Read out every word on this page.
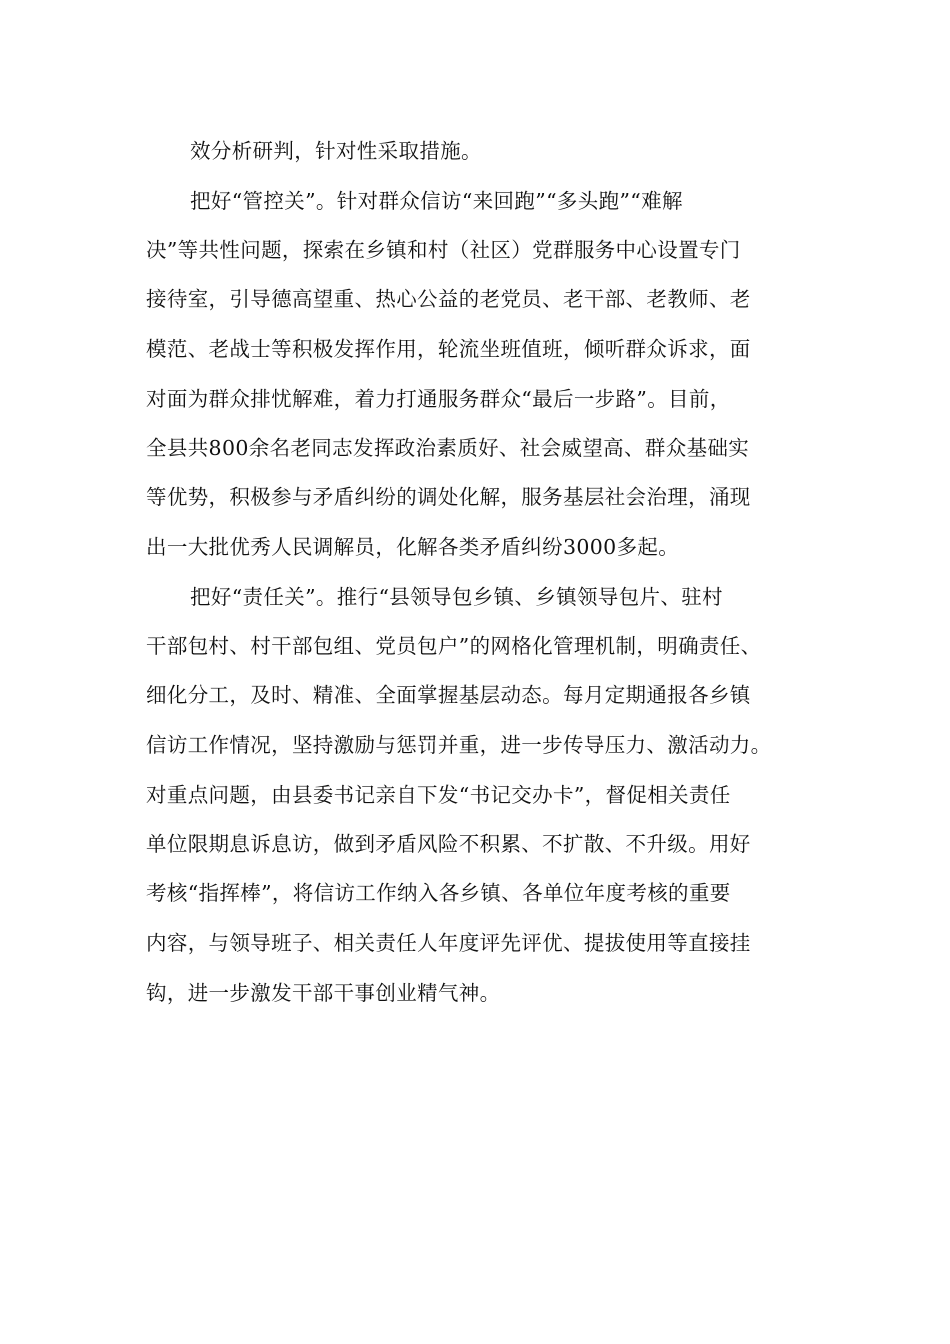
效分析研判，针对性采取措施。
把好“管控关”。针对群众信访“来回跑”“多头跑”“难解
决”等共性问题，探索在乡镇和村（社区）党群服务中心设置专门
接待室，引导德高望重、热心公益的老党员、老干部、老教师、老
模范、老战士等积极发挥作用，轮流坐班值班，倾听群众诉求，面
对面为群众排忧解难，着力打通服务群众“最后一步路”。目前，
全县共800余名老同志发挥政治素质好、社会威望高、群众基础实
等优势，积极参与矛盾纠纷的调处化解，服务基层社会治理，涌现
出一大批优秀人民调解员，化解各类矛盾纠纷3000多起。
把好“责任关”。推行“县领导包乡镇、乡镇领导包片、驻村
干部包村、村干部包组、党员包户”的网格化管理机制，明确责任、
细化分工，及时、精准、全面掌握基层动态。每月定期通报各乡镇
信访工作情况，坚持激励与惩罚并重，进一步传导压力、激活动力。
对重点问题，由县委书记亲自下发“书记交办卡”，督促相关责任
单位限期息诉息访，做到矛盾风险不积累、不扩散、不升级。用好
考核“指挥棒”，将信访工作纳入各乡镇、各单位年度考核的重要
内容，与领导班子、相关责任人年度评先评优、提拔使用等直接挂
钩，进一步激发干部干事创业精气神。
